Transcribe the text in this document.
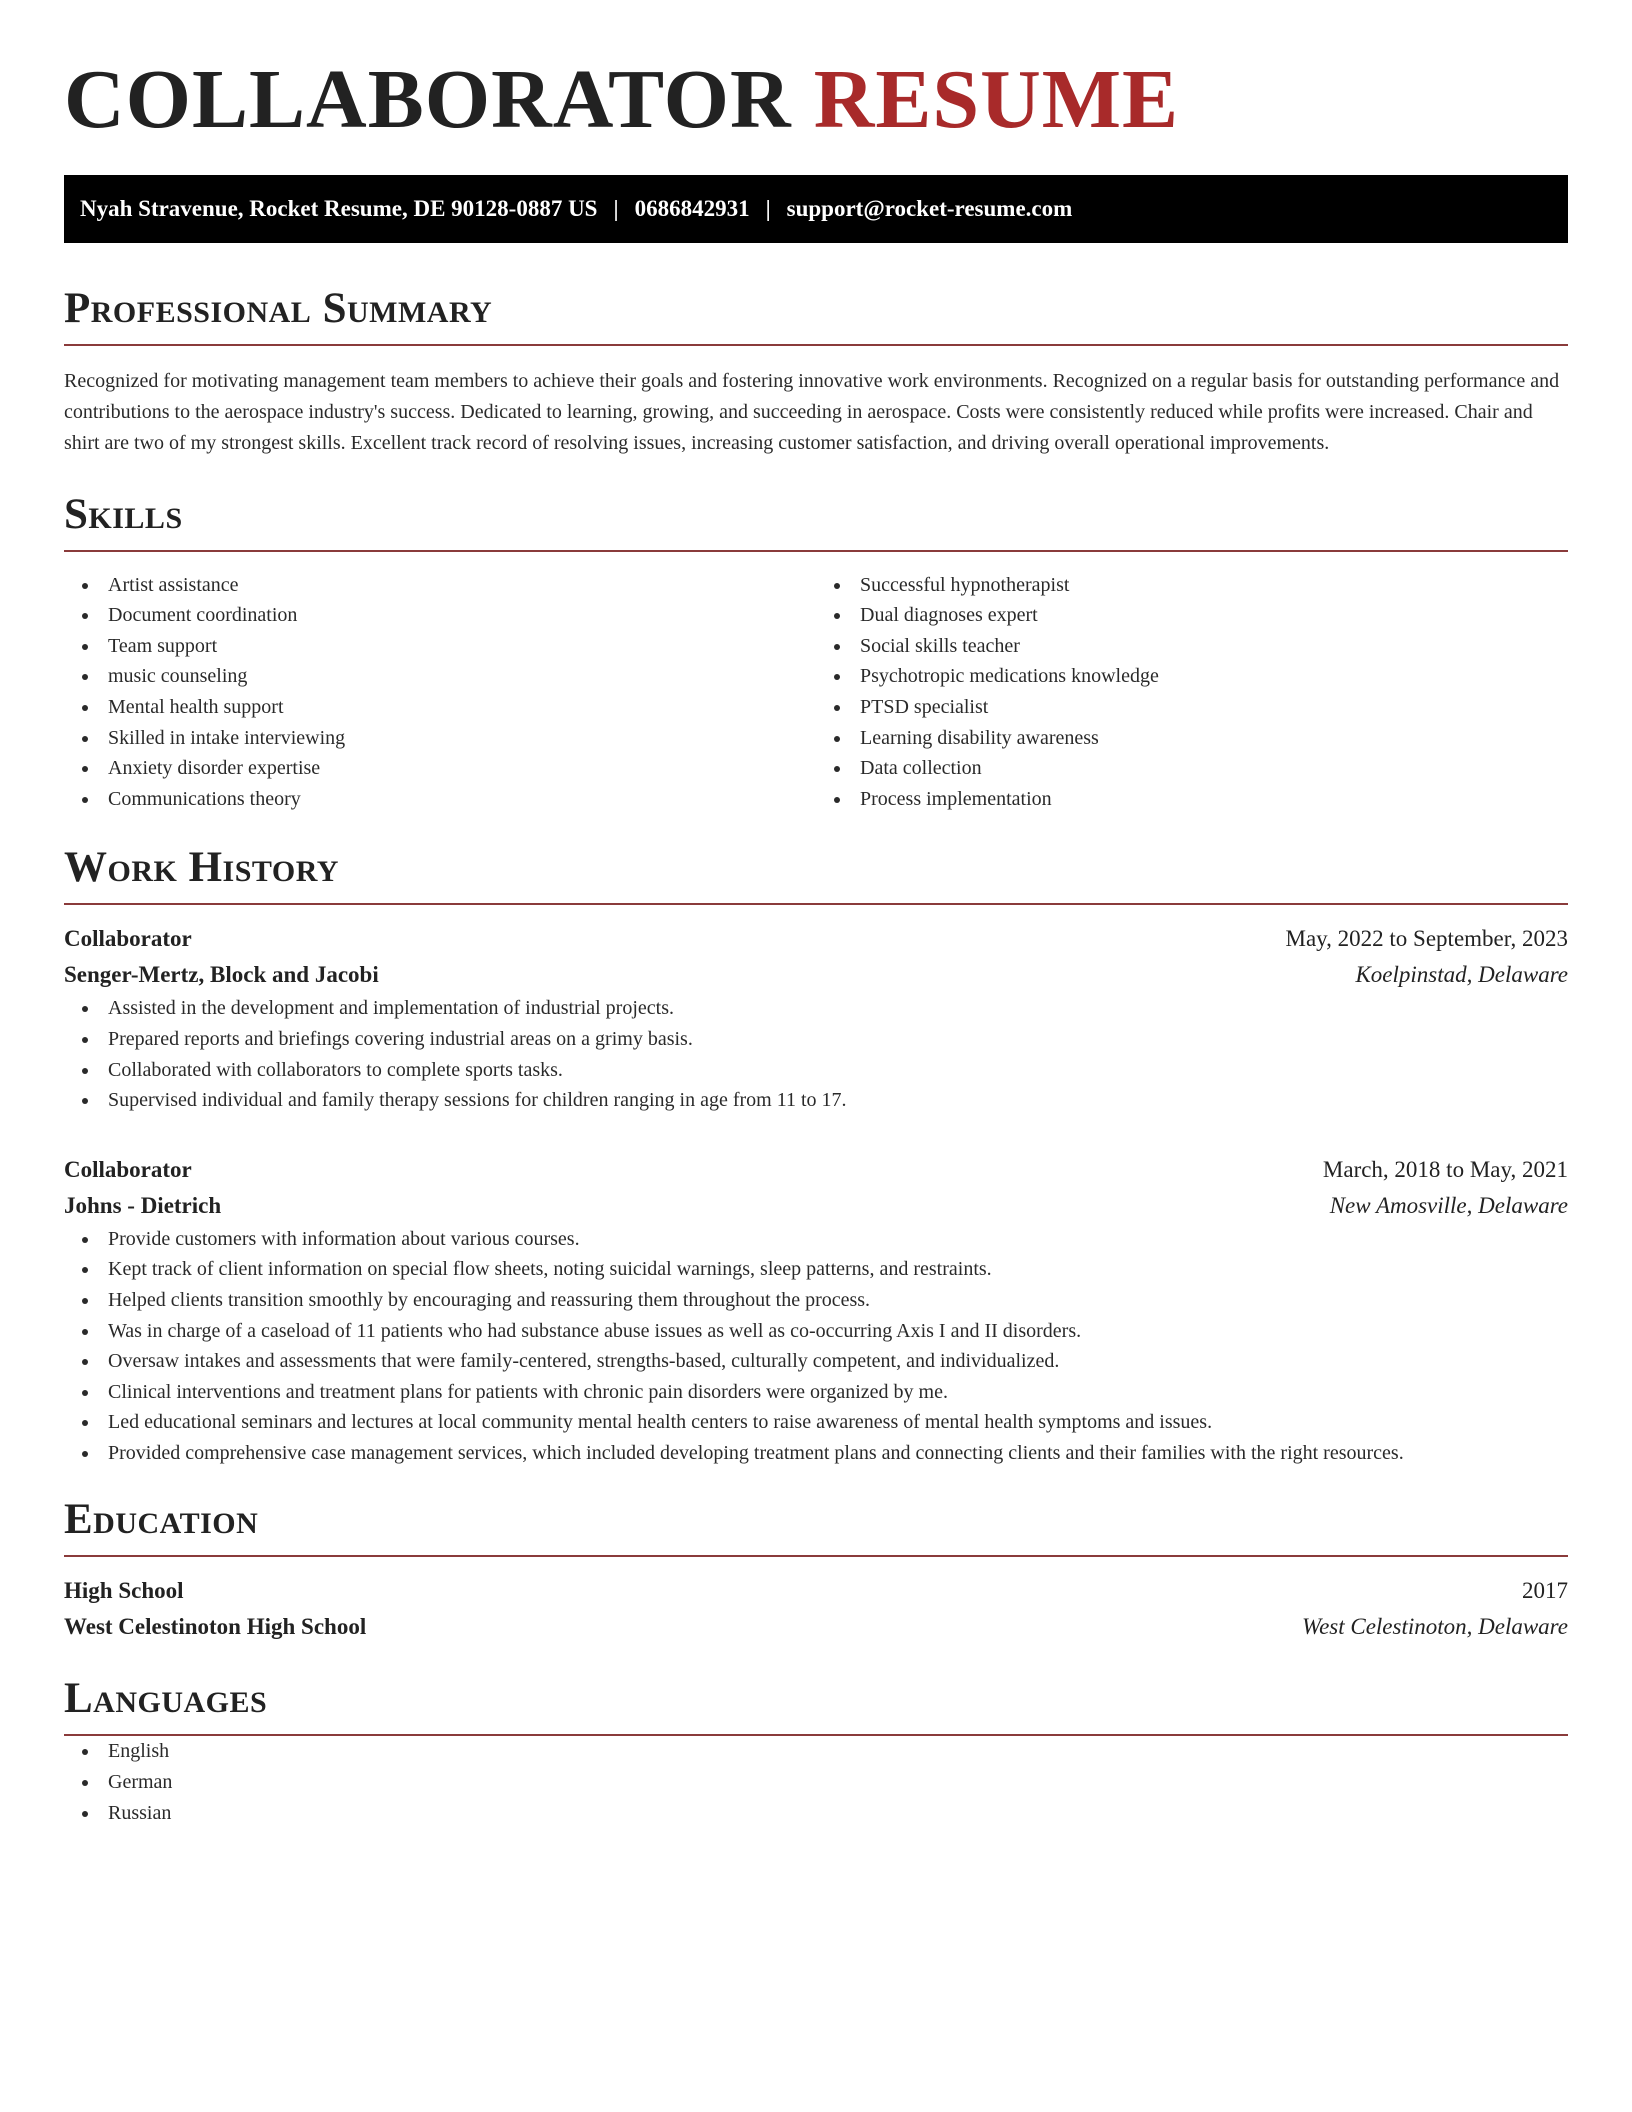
COLLABORATOR RESUME
Nyah Stravenue, Rocket Resume, DE 90128-0887 US | 0686842931 | support@rocket-resume.com
Professional Summary

Recognized for motivating management team members to achieve their goals and fostering innovative work environments. Recognized on a regular basis for outstanding performance and contributions to the aerospace industry's success. Dedicated to learning, growing, and succeeding in aerospace. Costs were consistently reduced while profits were increased. Chair and shirt are two of my strongest skills. Excellent track record of resolving issues, increasing customer satisfaction, and driving overall operational improvements.

Skills
Artist assistance
Document coordination
Team support
music counseling
Mental health support
Skilled in intake interviewing
Anxiety disorder expertise
Communications theory
Successful hypnotherapist
Dual diagnoses expert
Social skills teacher
Psychotropic medications knowledge
PTSD specialist
Learning disability awareness
Data collection
Process implementation
Work History
Collaborator	May, 2022 to September, 2023
Senger-Mertz, Block and Jacobi	Koelpinstad, Delaware
Assisted in the development and implementation of industrial projects.
Prepared reports and briefings covering industrial areas on a grimy basis.
Collaborated with collaborators to complete sports tasks.
Supervised individual and family therapy sessions for children ranging in age from 11 to 17.
Collaborator	March, 2018 to May, 2021
Johns - Dietrich	New Amosville, Delaware
Provide customers with information about various courses.
Kept track of client information on special flow sheets, noting suicidal warnings, sleep patterns, and restraints.
Helped clients transition smoothly by encouraging and reassuring them throughout the process.
Was in charge of a caseload of 11 patients who had substance abuse issues as well as co-occurring Axis I and II disorders.
Oversaw intakes and assessments that were family-centered, strengths-based, culturally competent, and individualized.
Clinical interventions and treatment plans for patients with chronic pain disorders were organized by me.
Led educational seminars and lectures at local community mental health centers to raise awareness of mental health symptoms and issues.
Provided comprehensive case management services, which included developing treatment plans and connecting clients and their families with the right resources.
Education
High School	2017
West Celestinoton High School	West Celestinoton, Delaware
Languages
English
German
Russian
